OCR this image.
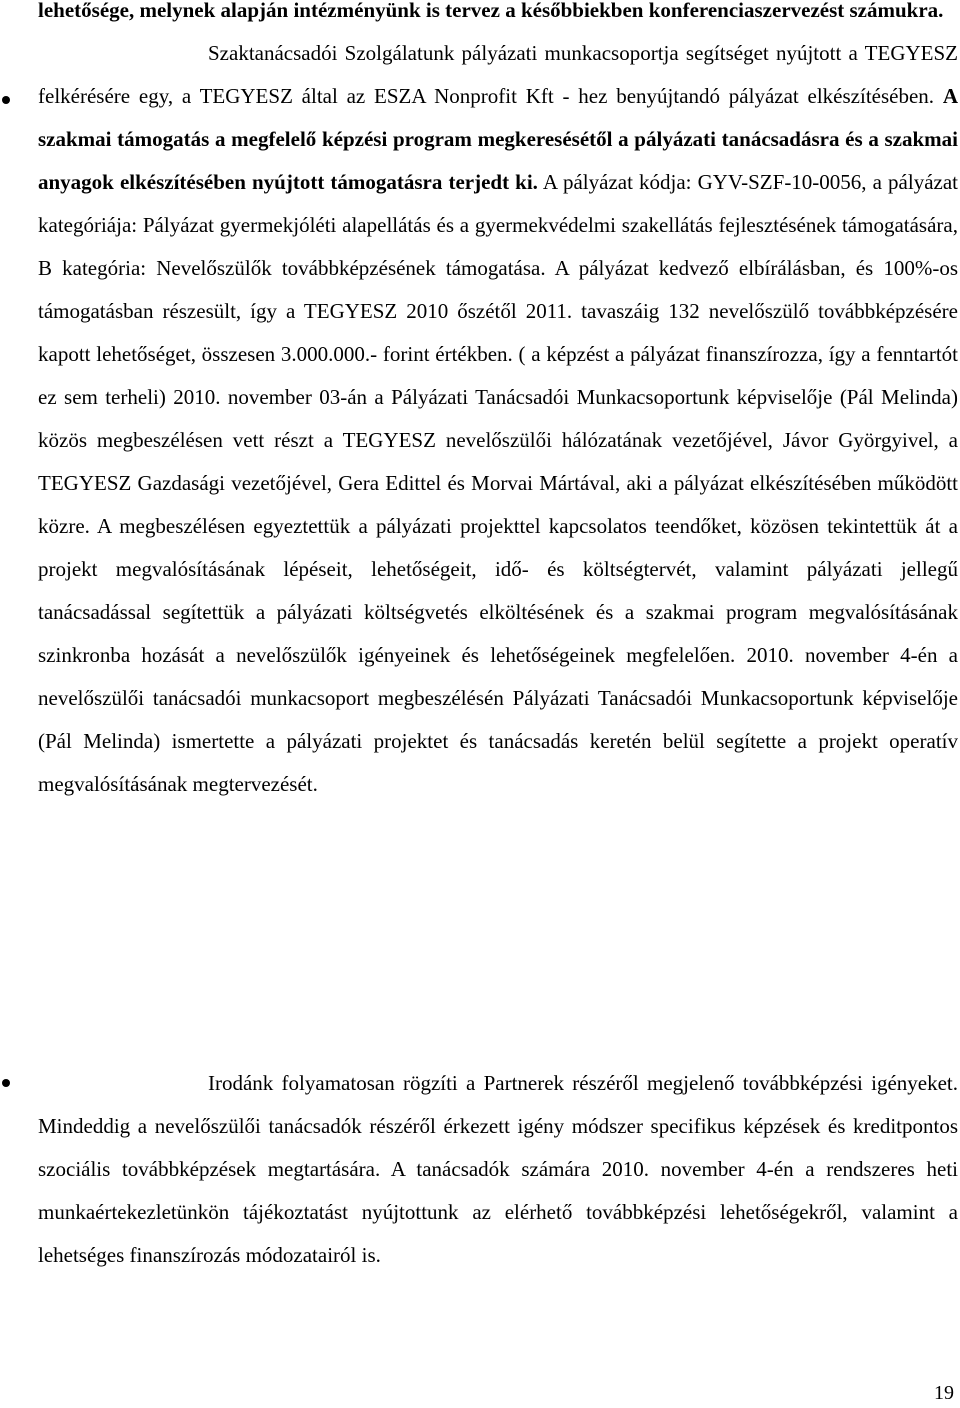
lehetősége, melynek alapján intézményünk is tervez a későbbiekben konferenciaszervezést számukra.
Szaktanácsadói Szolgálatunk pályázati munkacsoportja segítséget nyújtott a TEGYESZ felkérésére egy, a TEGYESZ által az ESZA Nonprofit Kft - hez benyújtandó pályázat elkészítésében. A szakmai támogatás a megfelelő képzési program megkeresésétől a pályázati tanácsadásra és a szakmai anyagok elkészítésében nyújtott támogatásra terjedt ki. A pályázat kódja: GYV-SZF-10-0056, a pályázat kategóriája: Pályázat gyermekjóléti alapellátás és a gyermekvédelmi szakellátás fejlesztésének támogatására, B kategória: Nevelőszülők továbbképzésének támogatása. A pályázat kedvező elbírálásban, és 100%-os támogatásban részesült, így a TEGYESZ 2010 őszétől 2011. tavaszáig 132 nevelőszülő továbbképzésére kapott lehetőséget, összesen 3.000.000.- forint értékben. ( a képzést a pályázat finanszírozza, így a fenntartót ez sem terheli) 2010. november 03-án a Pályázati Tanácsadói Munkacsoportunk képviselője (Pál Melinda) közös megbeszélésen vett részt a TEGYESZ nevelőszülői hálózatának vezetőjével, Jávor Györgyivel, a TEGYESZ Gazdasági vezetőjével, Gera Edittel és Morvai Mártával, aki a pályázat elkészítésében működött közre. A megbeszélésen egyeztettük a pályázati projekttel kapcsolatos teendőket, közösen tekintettük át a projekt megvalósításának lépéseit, lehetőségeit, idő- és költségtervét, valamint pályázati jellegű tanácsadással segítettük a pályázati költségvetés elköltésének és a szakmai program megvalósításának szinkronba hozását a nevelőszülők igényeinek és lehetőségeinek megfelelően. 2010. november 4-én a nevelőszülői tanácsadói munkacsoport megbeszélésén Pályázati Tanácsadói Munkacsoportunk képviselője (Pál Melinda) ismertette a pályázati projektet és tanácsadás keretén belül segítette a projekt operatív megvalósításának megtervezését.

Irodánk folyamatosan rögzíti a Partnerek részéről megjelenő továbbképzési igényeket. Mindeddig a nevelőszülői tanácsadók részéről érkezett igény módszer specifikus képzések és kreditpontos szociális továbbképzések megtartására. A tanácsadók számára 2010. november 4-én a rendszeres heti munkaértekezletünkön tájékoztatást nyújtottunk az elérhető továbbképzési lehetőségekről, valamint a lehetséges finanszírozás módozatairól is.

19
